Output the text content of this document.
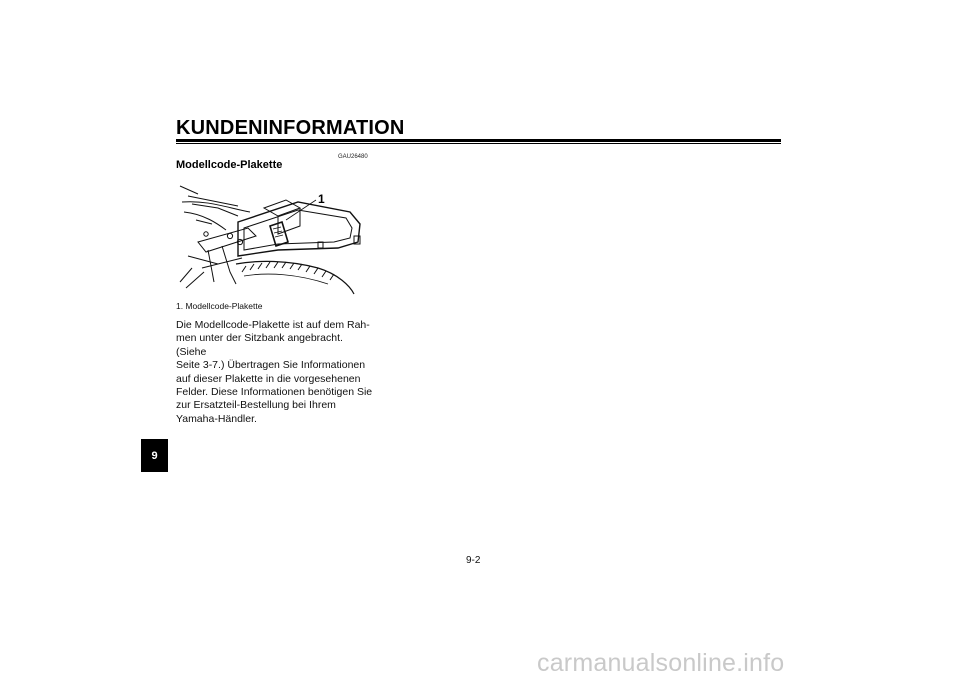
KUNDENINFORMATION
GAU26480
Modellcode-Plakette
1
1. Modellcode-Plakette
Die Modellcode-Plakette ist auf dem Rah-
men unter der Sitzbank angebracht. (Siehe
Seite 3-7.) Übertragen Sie Informationen
auf dieser Plakette in die vorgesehenen
Felder. Diese Informationen benötigen Sie
zur Ersatzteil-Bestellung bei Ihrem
Yamaha-Händler.
9
9-2
carmanualsonline.info
